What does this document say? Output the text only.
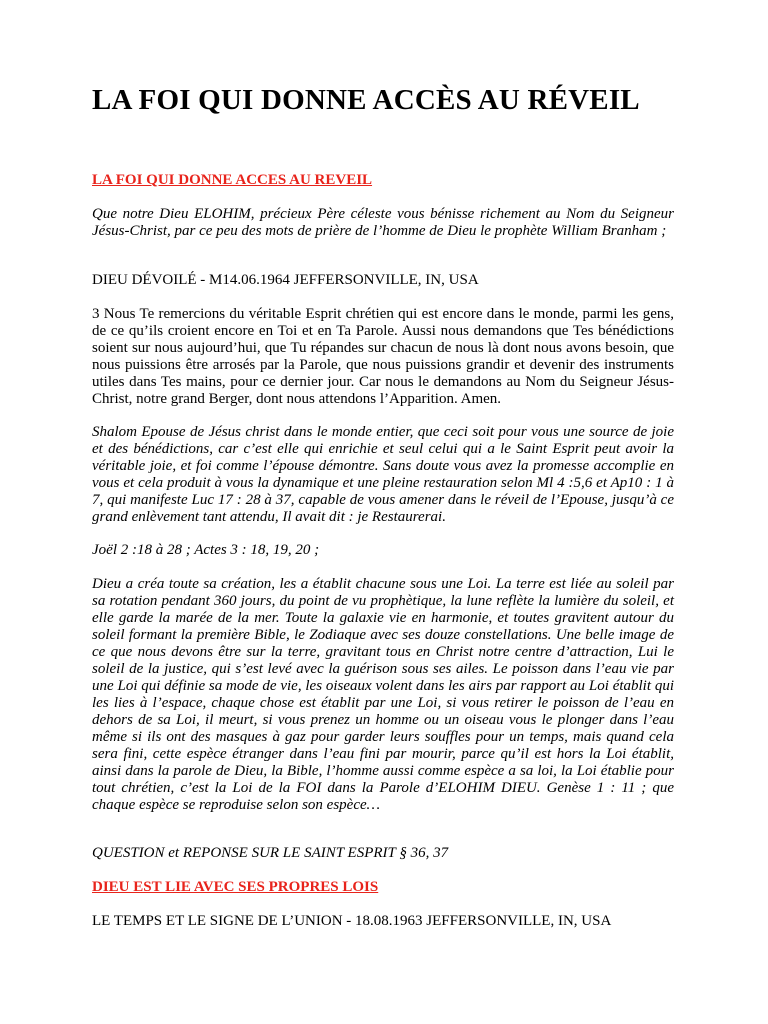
LA FOI QUI DONNE ACCÈS AU RÉVEIL

LA FOI QUI DONNE ACCES AU REVEIL

Que notre Dieu ELOHIM, précieux Père céleste vous bénisse richement au Nom du Seigneur Jésus-Christ, par ce peu des mots de prière de l’homme de Dieu le prophète William Branham ;

DIEU DÉVOILÉ - M14.06.1964 JEFFERSONVILLE, IN, USA

3 Nous Te remercions du véritable Esprit chrétien qui est encore dans le monde, parmi les gens, de ce qu’ils croient encore en Toi et en Ta Parole. Aussi nous demandons que Tes bénédictions soient sur nous aujourd’hui, que Tu répandes sur chacun de nous là dont nous avons besoin, que nous puissions être arrosés par la Parole, que nous puissions grandir et devenir des instruments utiles dans Tes mains, pour ce dernier jour. Car nous le demandons au Nom du Seigneur Jésus-Christ, notre grand Berger, dont nous attendons l’Apparition. Amen.

Shalom Epouse de Jésus christ dans le monde entier, que ceci soit pour vous une source de joie et des bénédictions, car c’est elle qui enrichie et seul celui qui a le Saint Esprit peut avoir la véritable joie, et foi comme l’épouse démontre. Sans doute vous avez la promesse accomplie en vous et cela produit à vous la dynamique et une pleine restauration selon Ml 4 :5,6 et Ap10 : 1 à 7, qui manifeste Luc 17 : 28 à 37, capable de vous amener dans le réveil de l’Epouse, jusqu’à ce grand enlèvement tant attendu, Il avait dit : je Restaurerai.

Joël 2 :18 à 28 ; Actes 3 : 18, 19, 20 ;

Dieu a créa toute sa création, les a établit chacune sous une Loi. La terre est liée au soleil par sa rotation pendant 360 jours, du point de vu prophètique, la lune reflète la lumière du soleil, et elle garde la marée de la mer. Toute la galaxie vie en harmonie, et toutes gravitent autour du soleil formant la première Bible, le Zodiaque avec ses douze constellations. Une belle image de ce que nous devons être sur la terre, gravitant tous en Christ notre centre d’attraction, Lui le soleil de la justice, qui s’est levé avec la guérison sous ses ailes. Le poisson dans l’eau vie par une Loi qui définie sa mode de vie, les oiseaux volent dans les airs par rapport au Loi établit qui les lies à l’espace, chaque chose est établit par une Loi, si vous retirer le poisson de l’eau en dehors de sa Loi, il meurt, si vous prenez un homme ou un oiseau vous le plonger dans l’eau même si ils ont des masques à gaz pour garder leurs souffles pour un temps, mais quand cela sera fini, cette espèce étranger dans l’eau fini par mourir, parce qu’il est hors la Loi établit, ainsi dans la parole de Dieu, la Bible, l’homme aussi comme espèce a sa loi, la Loi établie pour tout chrétien, c’est la Loi de la FOI dans la Parole d’ELOHIM DIEU. Genèse 1 : 11 ; que chaque espèce se reproduise selon son espèce…

QUESTION et REPONSE SUR LE SAINT ESPRIT § 36, 37

DIEU EST LIE AVEC SES PROPRES LOIS

LE TEMPS ET LE SIGNE DE L’UNION - 18.08.1963 JEFFERSONVILLE, IN, USA
